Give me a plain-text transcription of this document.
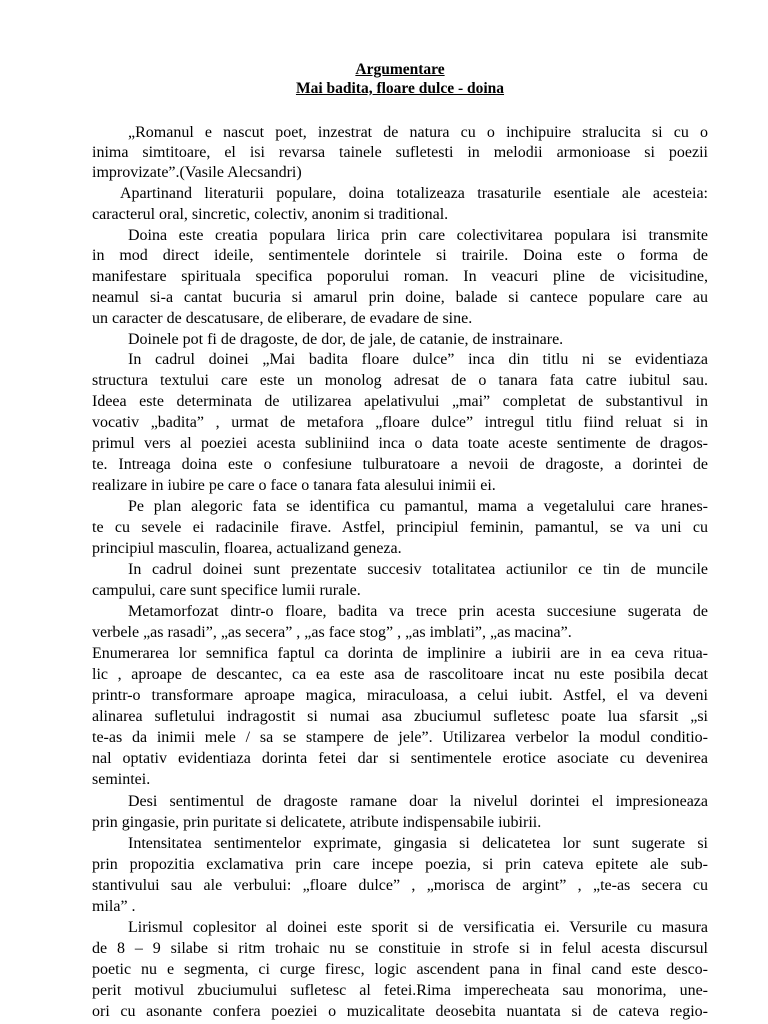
Argumentare
Mai badita, floare dulce - doina
„Romanul e nascut poet, inzestrat de natura cu o inchipuire stralucita si cu o
inima simtitoare, el isi revarsa tainele sufletesti in melodii armonioase si poezii
improvizate”.(Vasile Alecsandri)
Apartinand literaturii populare, doina totalizeaza trasaturile esentiale ale acesteia:
caracterul oral, sincretic, colectiv, anonim si traditional.
Doina este creatia populara lirica prin care colectivitarea populara isi transmite
in mod direct ideile, sentimentele dorintele si trairile. Doina este o forma de
manifestare spirituala specifica poporului roman. In veacuri pline de vicisitudine,
neamul si-a cantat bucuria si amarul prin doine, balade si cantece populare care au
un caracter de descatusare, de eliberare, de evadare de sine.
Doinele pot fi de dragoste, de dor, de jale, de catanie, de instrainare.
In cadrul doinei „Mai badita floare dulce” inca din titlu ni se evidentiaza
structura textului care este un monolog adresat de o tanara fata catre iubitul sau.
Ideea este determinata de utilizarea apelativului „mai” completat de substantivul in
vocativ „badita” , urmat de metafora „floare dulce” intregul titlu fiind reluat si in
primul vers al poeziei acesta subliniind inca o data toate aceste sentimente de dragos-
te. Intreaga doina este o confesiune tulburatoare a nevoii de dragoste, a dorintei de
realizare in iubire pe care o face o tanara fata alesului inimii ei.
Pe plan alegoric fata se identifica cu pamantul, mama a vegetalului care hranes-
te cu sevele ei radacinile firave. Astfel, principiul feminin, pamantul, se va uni cu
principiul masculin, floarea, actualizand geneza.
In cadrul doinei sunt prezentate succesiv totalitatea actiunilor ce tin de muncile
campului, care sunt specifice lumii rurale.
Metamorfozat dintr-o floare, badita va trece prin acesta succesiune sugerata de
verbele „as rasadi”, „as secera” , „as face stog” , „as imblati”, „as macina”.
Enumerarea lor semnifica faptul ca dorinta de implinire a iubirii are in ea ceva ritua-
lic , aproape de descantec, ca ea este asa de rascolitoare incat nu este posibila decat
printr-o transformare aproape magica, miraculoasa, a celui iubit. Astfel, el va deveni
alinarea sufletului indragostit si numai asa zbuciumul sufletesc poate lua sfarsit „si
te-as da inimii mele / sa se stampere de jele”. Utilizarea verbelor la modul conditio-
nal optativ evidentiaza dorinta fetei dar si sentimentele erotice asociate cu devenirea
semintei.
Desi sentimentul de dragoste ramane doar la nivelul dorintei el impresioneaza
prin gingasie, prin puritate si delicatete, atribute indispensabile iubirii.
Intensitatea sentimentelor exprimate, gingasia si delicatetea lor sunt sugerate si
prin propozitia exclamativa prin care incepe poezia, si prin cateva epitete ale sub-
stantivului sau ale verbului: „floare dulce” , „morisca de argint” , „te-as secera cu
mila” .
Lirismul coplesitor al doinei este sporit si de versificatia ei. Versurile cu masura
de 8 – 9 silabe si ritm trohaic nu se constituie in strofe si in felul acesta discursul
poetic nu e segmenta, ci curge firesc, logic ascendent pana in final cand este desco-
perit motivul zbuciumului sufletesc al fetei.Rima imperecheata sau monorima, une-
ori cu asonante confera poeziei o muzicalitate deosebita nuantata si de cateva regio-
